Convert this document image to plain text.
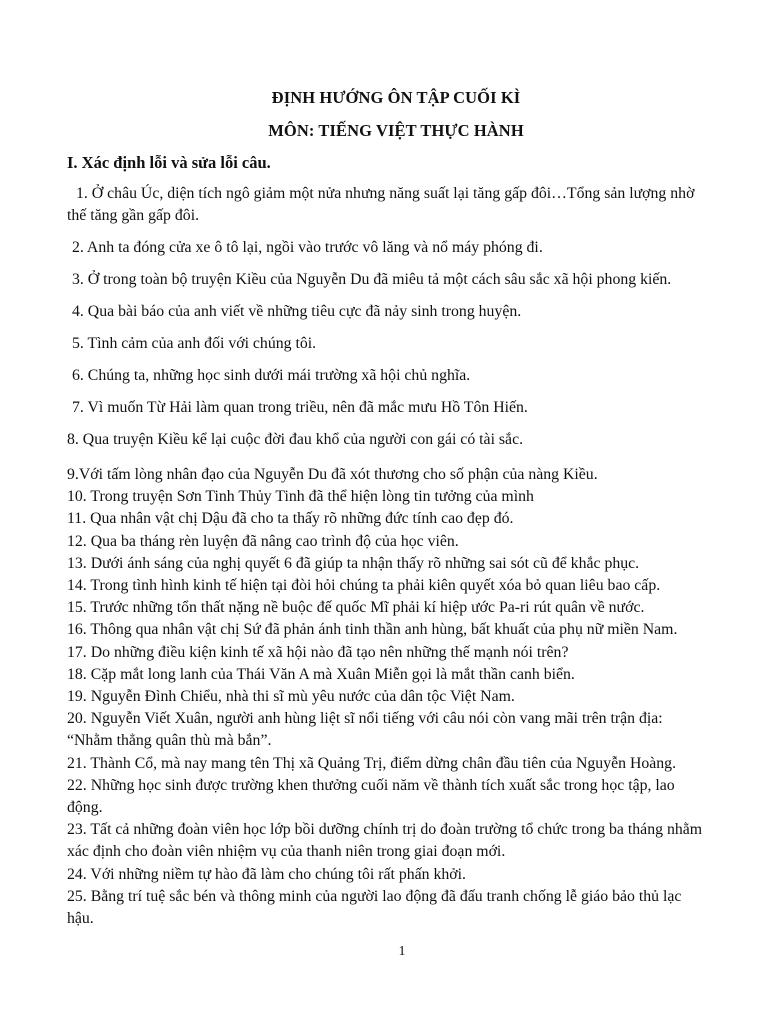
ĐỊNH HƯỚNG ÔN TẬP CUỐI KÌ
MÔN: TIẾNG VIỆT THỰC HÀNH
I. Xác định lỗi và sửa lỗi câu.
1. Ở châu Úc, diện tích ngô giảm một nửa nhưng năng suất lại tăng gấp đôi…Tổng sản lượng nhờ
thế tăng gần gấp đôi.
2. Anh ta đóng cửa xe ô tô lại, ngồi vào trước vô lăng và nổ máy phóng đi.
3. Ở trong toàn bộ truyện Kiều của Nguyễn Du đã miêu tả một cách sâu sắc xã hội phong kiến.
4. Qua bài báo của anh viết về những tiêu cực đã nảy sinh trong huyện.
5. Tình cảm của anh đối với chúng tôi.
6. Chúng ta, những học sinh dưới mái trường xã hội chủ nghĩa.
7. Vì muốn Từ Hải làm quan trong triều, nên đã mắc mưu Hồ Tôn Hiến.
8. Qua truyện Kiều kể lại cuộc đời đau khổ của người con gái có tài sắc.
9.Với tấm lòng nhân đạo của Nguyễn Du đã xót thương cho số phận của nàng Kiều.
10. Trong truyện Sơn Tinh Thủy Tinh đã thể hiện lòng tin tưởng của mình
11. Qua nhân vật chị Dậu đã cho ta thấy rõ những đức tính cao đẹp đó.
12. Qua ba tháng rèn luyện đã nâng cao trình độ của học viên.
13. Dưới ánh sáng của nghị quyết 6 đã giúp ta nhận thấy rõ những sai sót cũ để khắc phục.
14. Trong tình hình kinh tế hiện tại đòi hỏi chúng ta phải kiên quyết xóa bỏ quan liêu bao cấp.
15. Trước những tổn thất nặng nề buộc đế quốc Mĩ phải kí hiệp ước Pa-ri rút quân về nước.
16. Thông qua nhân vật chị Sứ đã phản ánh tinh thần anh hùng, bất khuất của phụ nữ miền Nam.
17. Do những điều kiện kinh tế xã hội nào đã tạo nên những thế mạnh nói trên?
18. Cặp mắt long lanh của Thái Văn A mà Xuân Miễn gọi là mắt thần canh biển.
19. Nguyễn Đình Chiểu, nhà thi sĩ mù yêu nước của dân tộc Việt Nam.
20. Nguyễn Viết Xuân, người anh hùng liệt sĩ nổi tiếng với câu nói còn vang mãi trên trận địa:
“Nhằm thẳng quân thù mà bắn”.
21. Thành Cổ, mà nay mang tên Thị xã Quảng Trị, điểm dừng chân đầu tiên của Nguyễn Hoàng.
22. Những học sinh được trường khen thưởng cuối năm về thành tích xuất sắc trong học tập, lao
động.
23. Tất cả những đoàn viên học lớp bồi dưỡng chính trị do đoàn trường tổ chức trong ba tháng nhằm
xác định cho đoàn viên nhiệm vụ của thanh niên trong giai đoạn mới.
24. Với những niềm tự hào đã làm cho chúng tôi rất phấn khởi.
25. Bằng trí tuệ sắc bén và thông minh của người lao động đã đấu tranh chống lễ giáo bảo thủ lạc
hậu.
1
